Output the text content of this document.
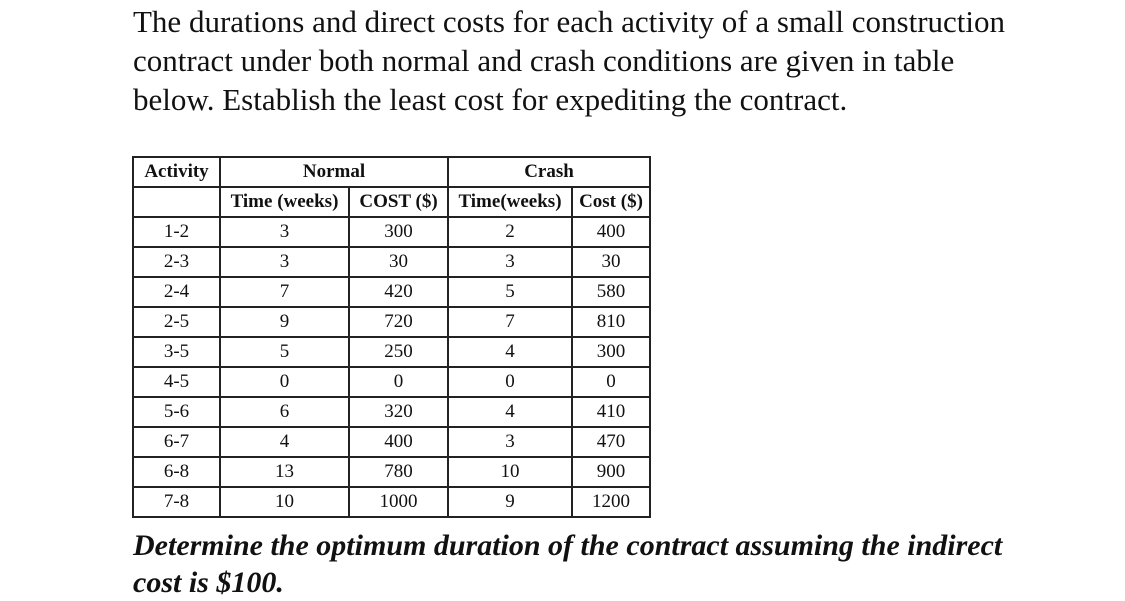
The durations and direct costs for each activity of a small construction contract under both normal and crash conditions are given in table below. Establish the least cost for expediting the contract.

Activity	Normal		Crash	
	Time (weeks)	COST ($)	Time(weeks)	Cost ($)
1-2	3	300	2	400
2-3	3	30	3	30
2-4	7	420	5	580
2-5	9	720	7	810
3-5	5	250	4	300
4-5	0	0	0	0
5-6	6	320	4	410
6-7	4	400	3	470
6-8	13	780	10	900
7-8	10	1000	9	1200

Determine the optimum duration of the contract assuming the indirect cost is $100.
